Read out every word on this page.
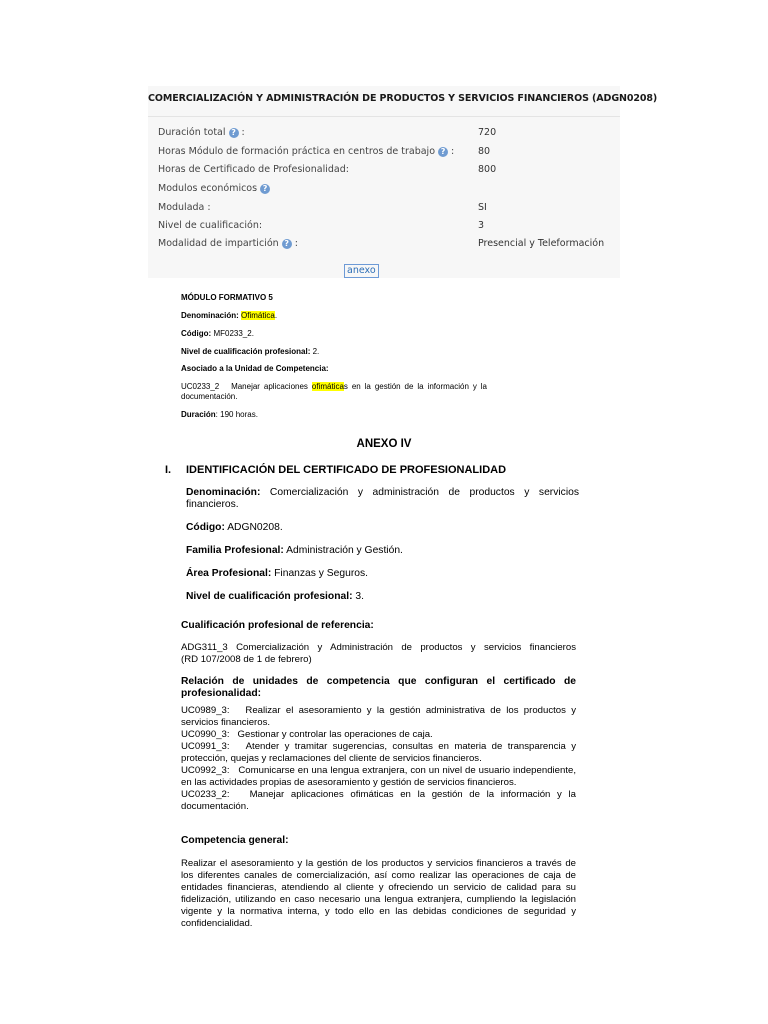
COMERCIALIZACIÓN Y ADMINISTRACIÓN DE PRODUCTOS Y SERVICIOS FINANCIEROS (ADGN0208)
Duración total ? :	720
Horas Módulo de formación práctica en centros de trabajo ? :	80
Horas de Certificado de Profesionalidad:	800
Modulos económicos ?
Modulada :	SI
Nivel de cualificación:	3
Modalidad de impartición ? :	Presencial y Teleformación
anexo
MÓDULO FORMATIVO 5
Denominación: Ofimática.
Código: MF0233_2.
Nivel de cualificación profesional: 2.
Asociado a la Unidad de Competencia:
UC0233_2 Manejar aplicaciones ofimáticas en la gestión de la información y la documentación.
Duración: 190 horas.
ANEXO IV
I. IDENTIFICACIÓN DEL CERTIFICADO DE PROFESIONALIDAD
Denominación: Comercialización y administración de productos y servicios financieros.
Código: ADGN0208.
Familia Profesional: Administración y Gestión.
Área Profesional: Finanzas y Seguros.
Nivel de cualificación profesional: 3.
Cualificación profesional de referencia:
ADG311_3 Comercialización y Administración de productos y servicios financieros
(RD 107/2008 de 1 de febrero)
Relación de unidades de competencia que configuran el certificado de profesionalidad:
UC0989_3: Realizar el asesoramiento y la gestión administrativa de los productos y servicios financieros.
UC0990_3: Gestionar y controlar las operaciones de caja.
UC0991_3: Atender y tramitar sugerencias, consultas en materia de transparencia y protección, quejas y reclamaciones del cliente de servicios financieros.
UC0992_3: Comunicarse en una lengua extranjera, con un nivel de usuario independiente, en las actividades propias de asesoramiento y gestión de servicios financieros.
UC0233_2: Manejar aplicaciones ofimáticas en la gestión de la información y la documentación.
Competencia general:
Realizar el asesoramiento y la gestión de los productos y servicios financieros a través de los diferentes canales de comercialización, así como realizar las operaciones de caja de entidades financieras, atendiendo al cliente y ofreciendo un servicio de calidad para su fidelización, utilizando en caso necesario una lengua extranjera, cumpliendo la legislación vigente y la normativa interna, y todo ello en las debidas condiciones de seguridad y confidencialidad.
